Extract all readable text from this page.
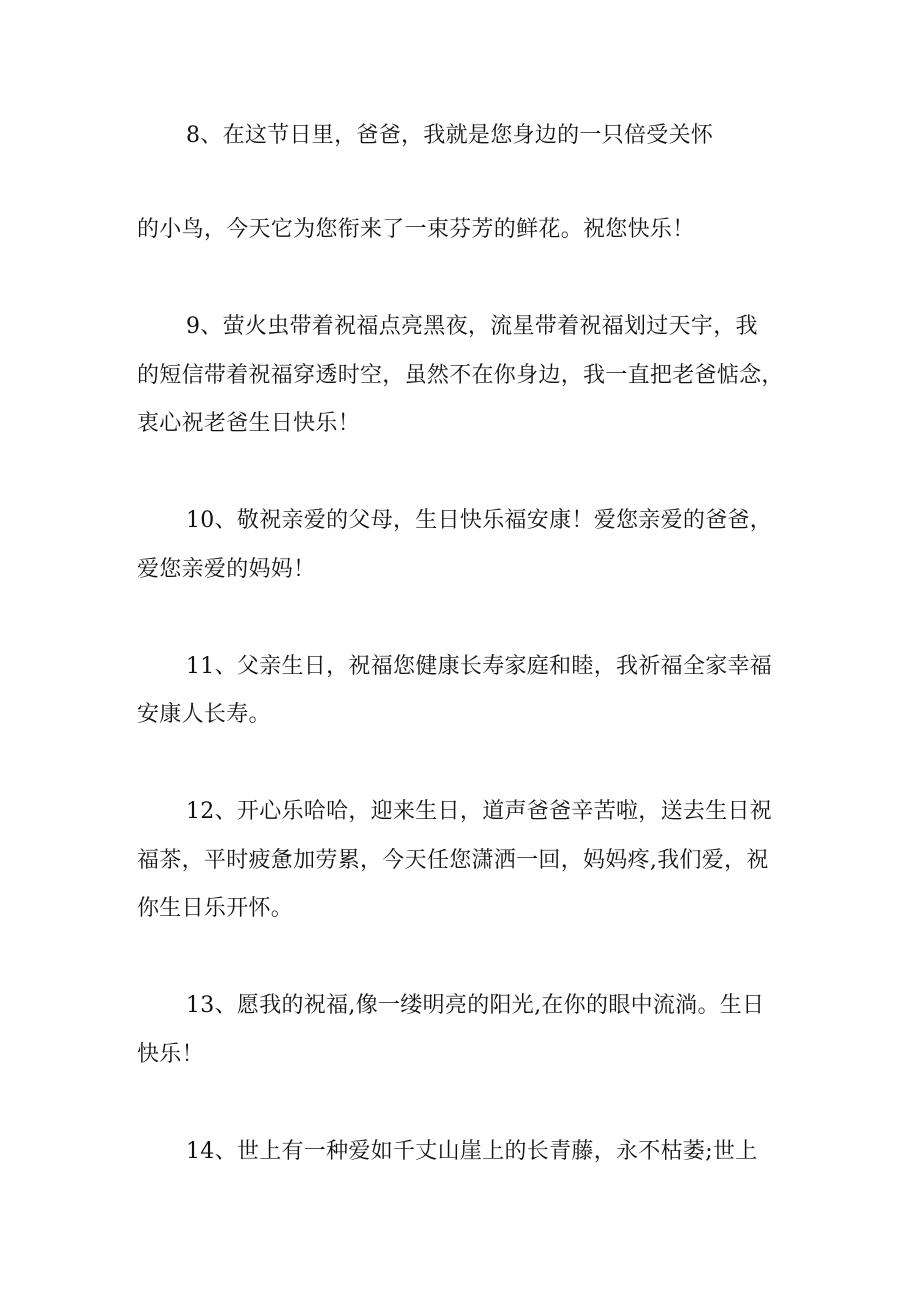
8、在这节日里，爸爸，我就是您身边的一只倍受关怀
的小鸟，今天它为您衔来了一束芬芳的鲜花。祝您快乐！
9、萤火虫带着祝福点亮黑夜，流星带着祝福划过天宇，我
的短信带着祝福穿透时空，虽然不在你身边，我一直把老爸惦念，
衷心祝老爸生日快乐！
10、敬祝亲爱的父母，生日快乐福安康！爱您亲爱的爸爸，
爱您亲爱的妈妈！
11、父亲生日，祝福您健康长寿家庭和睦，我祈福全家幸福
安康人长寿。
12、开心乐哈哈，迎来生日，道声爸爸辛苦啦，送去生日祝
福茶，平时疲惫加劳累，今天任您潇洒一回，妈妈疼,我们爱，祝
你生日乐开怀。
13、愿我的祝福,像一缕明亮的阳光,在你的眼中流淌。生日
快乐！
14、世上有一种爱如千丈山崖上的长青藤，永不枯萎;世上
